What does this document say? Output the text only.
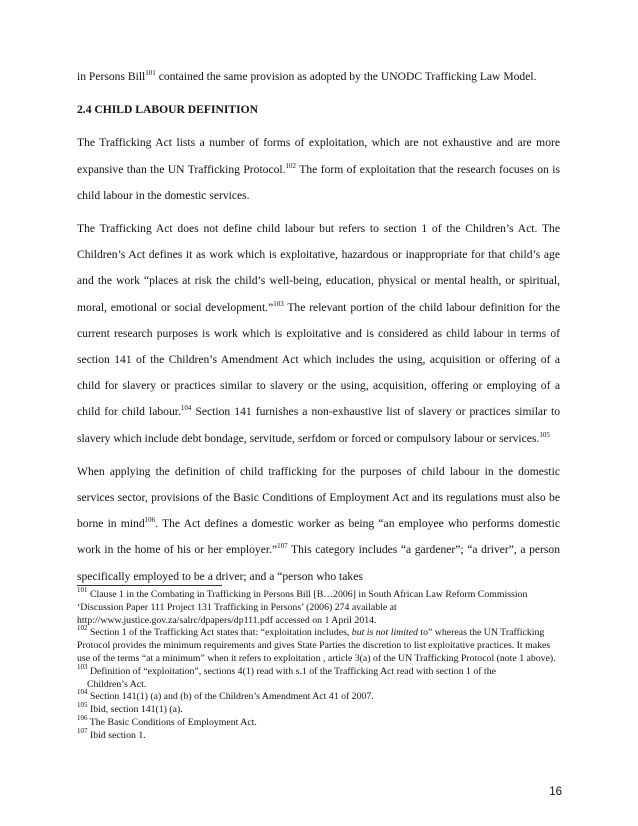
in Persons Bill$^{101}$ contained the same provision as adopted by the UNODC Trafficking Law Model.

2.4 CHILD LABOUR DEFINITION

The Trafficking Act lists a number of forms of exploitation, which are not exhaustive and are more expansive than the UN Trafficking Protocol.$^{102}$ The form of exploitation that the research focuses on is child labour in the domestic services.

The Trafficking Act does not define child labour but refers to section 1 of the Children’s Act. The Children’s Act defines it as work which is exploitative, hazardous or inappropriate for that child’s age and the work “places at risk the child’s well-being, education, physical or mental health, or spiritual, moral, emotional or social development.”$^{103}$ The relevant portion of the child labour definition for the current research purposes is work which is exploitative and is considered as child labour in terms of section 141 of the Children’s Amendment Act which includes the using, acquisition or offering of a child for slavery or practices similar to slavery or the using, acquisition, offering or employing of a child for child labour.$^{104}$ Section 141 furnishes a non-exhaustive list of slavery or practices similar to slavery which include debt bondage, servitude, serfdom or forced or compulsory labour or services.$^{105}$

When applying the definition of child trafficking for the purposes of child labour in the domestic services sector, provisions of the Basic Conditions of Employment Act and its regulations must also be borne in mind$^{106}$. The Act defines a domestic worker as being “an employee who performs domestic work in the home of his or her employer.”$^{107}$ This category includes “a gardener”; “a driver”, a person specifically employed to be a driver; and a “person who takes

$^{101}$ Clause 1 in the Combating in Trafficking in Persons Bill [B…2006] in South African Law Reform Commission ‘Discussion Paper 111 Project 131 Trafficking in Persons’ (2006) 274 available at http://www.justice.gov.za/salrc/dpapers/dp111.pdf accessed on 1 April 2014.

$^{102}$ Section 1 of the Trafficking Act states that: “exploitation includes, but is not limited to” whereas the UN Trafficking Protocol provides the minimum requirements and gives State Parties the discretion to list exploitative practices. It makes use of the terms “at a minimum” when it refers to exploitation , article 3(a) of the UN Trafficking Protocol (note 1 above).

$^{103}$ Definition of “exploitation”, sections 4(1) read with s.1 of the Trafficking Act read with section 1 of the

Children’s Act.

$^{104}$ Section 141(1) (a) and (b) of the Children’s Amendment Act 41 of 2007.

$^{105}$ Ibid, section 141(1) (a).

$^{106}$ The Basic Conditions of Employment Act.

$^{107}$ Ibid section 1.

16
